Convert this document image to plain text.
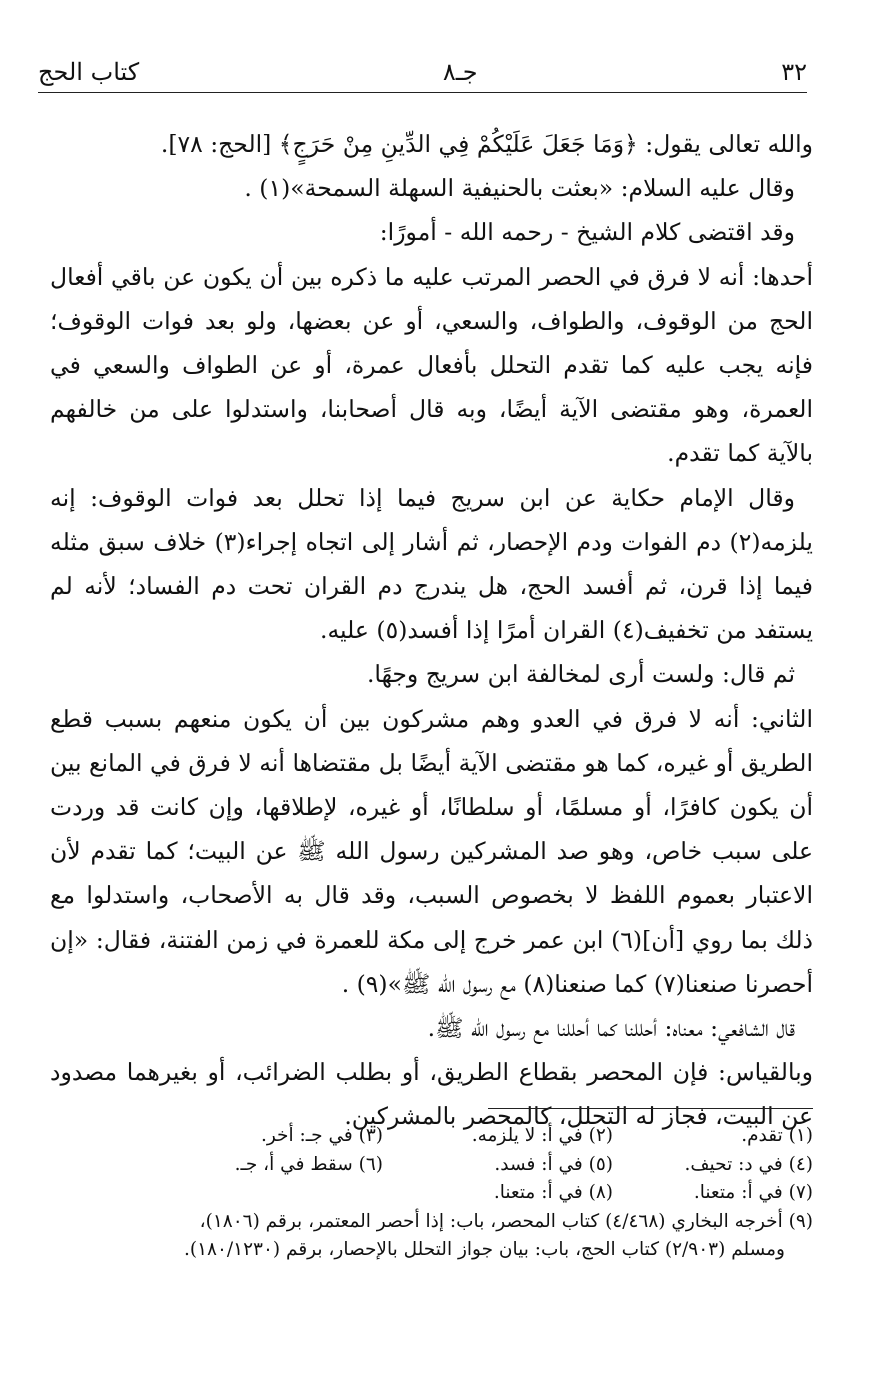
٣٢
جـ٨
كتاب الحج

والله تعالى يقول: ﴿وَمَا جَعَلَ عَلَيْكُمْ فِي الدِّينِ مِنْ حَرَجٍ﴾ [الحج: ٧٨].

وقال عليه السلام: «بعثت بالحنيفية السهلة السمحة»(١) .

وقد اقتضى كلام الشيخ - رحمه الله - أمورًا:

أحدها: أنه لا فرق في الحصر المرتب عليه ما ذكره بين أن يكون عن باقي أفعال الحج من الوقوف، والطواف، والسعي، أو عن بعضها، ولو بعد فوات الوقوف؛ فإنه يجب عليه كما تقدم التحلل بأفعال عمرة، أو عن الطواف والسعي في العمرة، وهو مقتضى الآية أيضًا، وبه قال أصحابنا، واستدلوا على من خالفهم بالآية كما تقدم.

وقال الإمام حكاية عن ابن سريج فيما إذا تحلل بعد فوات الوقوف: إنه يلزمه(٢) دم الفوات ودم الإحصار، ثم أشار إلى اتجاه إجراء(٣) خلاف سبق مثله فيما إذا قرن، ثم أفسد الحج، هل يندرج دم القران تحت دم الفساد؛ لأنه لم يستفد من تخفيف(٤) القران أمرًا إذا أفسد(٥) عليه.

ثم قال: ولست أرى لمخالفة ابن سريج وجهًا.

الثاني: أنه لا فرق في العدو وهم مشركون بين أن يكون منعهم بسبب قطع الطريق أو غيره، كما هو مقتضى الآية أيضًا بل مقتضاها أنه لا فرق في المانع بين أن يكون كافرًا، أو مسلمًا، أو سلطانًا، أو غيره، لإطلاقها، وإن كانت قد وردت على سبب خاص، وهو صد المشركين رسول الله ﷺ عن البيت؛ كما تقدم لأن الاعتبار بعموم اللفظ لا بخصوص السبب، وقد قال به الأصحاب، واستدلوا مع ذلك بما روي [أن](٦) ابن عمر خرج إلى مكة للعمرة في زمن الفتنة، فقال: «إن أحصرنا صنعنا(٧) كما صنعنا(٨) مع رسول الله ﷺ»(٩) .

قال الشافعي: معناه: أحللنا كما أحللنا مع رسول الله ﷺ.

وبالقياس: فإن المحصر بقطاع الطريق، أو بطلب الضرائب، أو بغيرهما مصدود عن البيت، فجاز له التحلل، كالمحصر بالمشركين.

(١) تقدم.
(٢) في أ: لا يلزمه.
(٣) في جـ: أخر.
(٤) في د: تحيف.
(٥) في أ: فسد.
(٦) سقط في أ، جـ.
(٧) في أ: متعنا.
(٨) في أ: متعنا.
(٩) أخرجه البخاري (٤/٤٦٨) كتاب المحصر، باب: إذا أحصر المعتمر، برقم (١٨٠٦)،
ومسلم (٢/٩٠٣) كتاب الحج، باب: بيان جواز التحلل بالإحصار، برقم (١٨٠/١٢٣٠).
